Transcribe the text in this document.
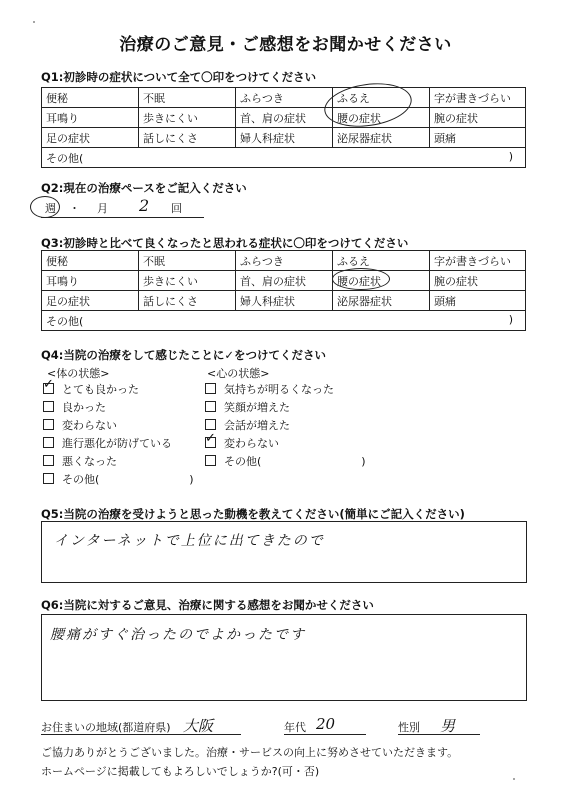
治療のご意見・ご感想をお聞かせください
Q1:初診時の症状について全て〇印をつけてください
便秘	不眠	ふらつき	ふるえ	字が書きづらい
耳鳴り	歩きにくい	首、肩の症状	腰の症状	腕の症状
足の症状	話しにくさ	婦人科症状	泌尿器症状	頭痛
その他( )				
Q2:現在の治療ペースをご記入ください
週 ・ 月 2 回
Q3:初診時と比べて良くなったと思われる症状に〇印をつけてください
便秘	不眠	ふらつき	ふるえ	字が書きづらい
耳鳴り	歩きにくい	首、肩の症状	腰の症状	腕の症状
足の症状	話しにくさ	婦人科症状	泌尿器症状	頭痛
その他( )				
Q4:当院の治療をして感じたことに✓をつけてください
<体の状態>	<心の状態>
✓ とても良かった
良かった
変わらない
進行悪化が防げている
悪くなった
その他(	)
気持ちが明るくなった
笑顔が増えた
会話が増えた
✓ 変わらない
その他(	)
Q5:当院の治療を受けようと思った動機を教えてください(簡単にご記入ください)
インターネットで上位に出てきたので
Q6:当院に対するご意見、治療に関する感想をお聞かせください
腰痛がすぐ治ったのでよかったです
お住まいの地域(都道府県) 大阪	年代 20	性別 男
ご協力ありがとうございました。治療・サービスの向上に努めさせていただきます。
ホームページに掲載してもよろしいでしょうか?(可・否)
